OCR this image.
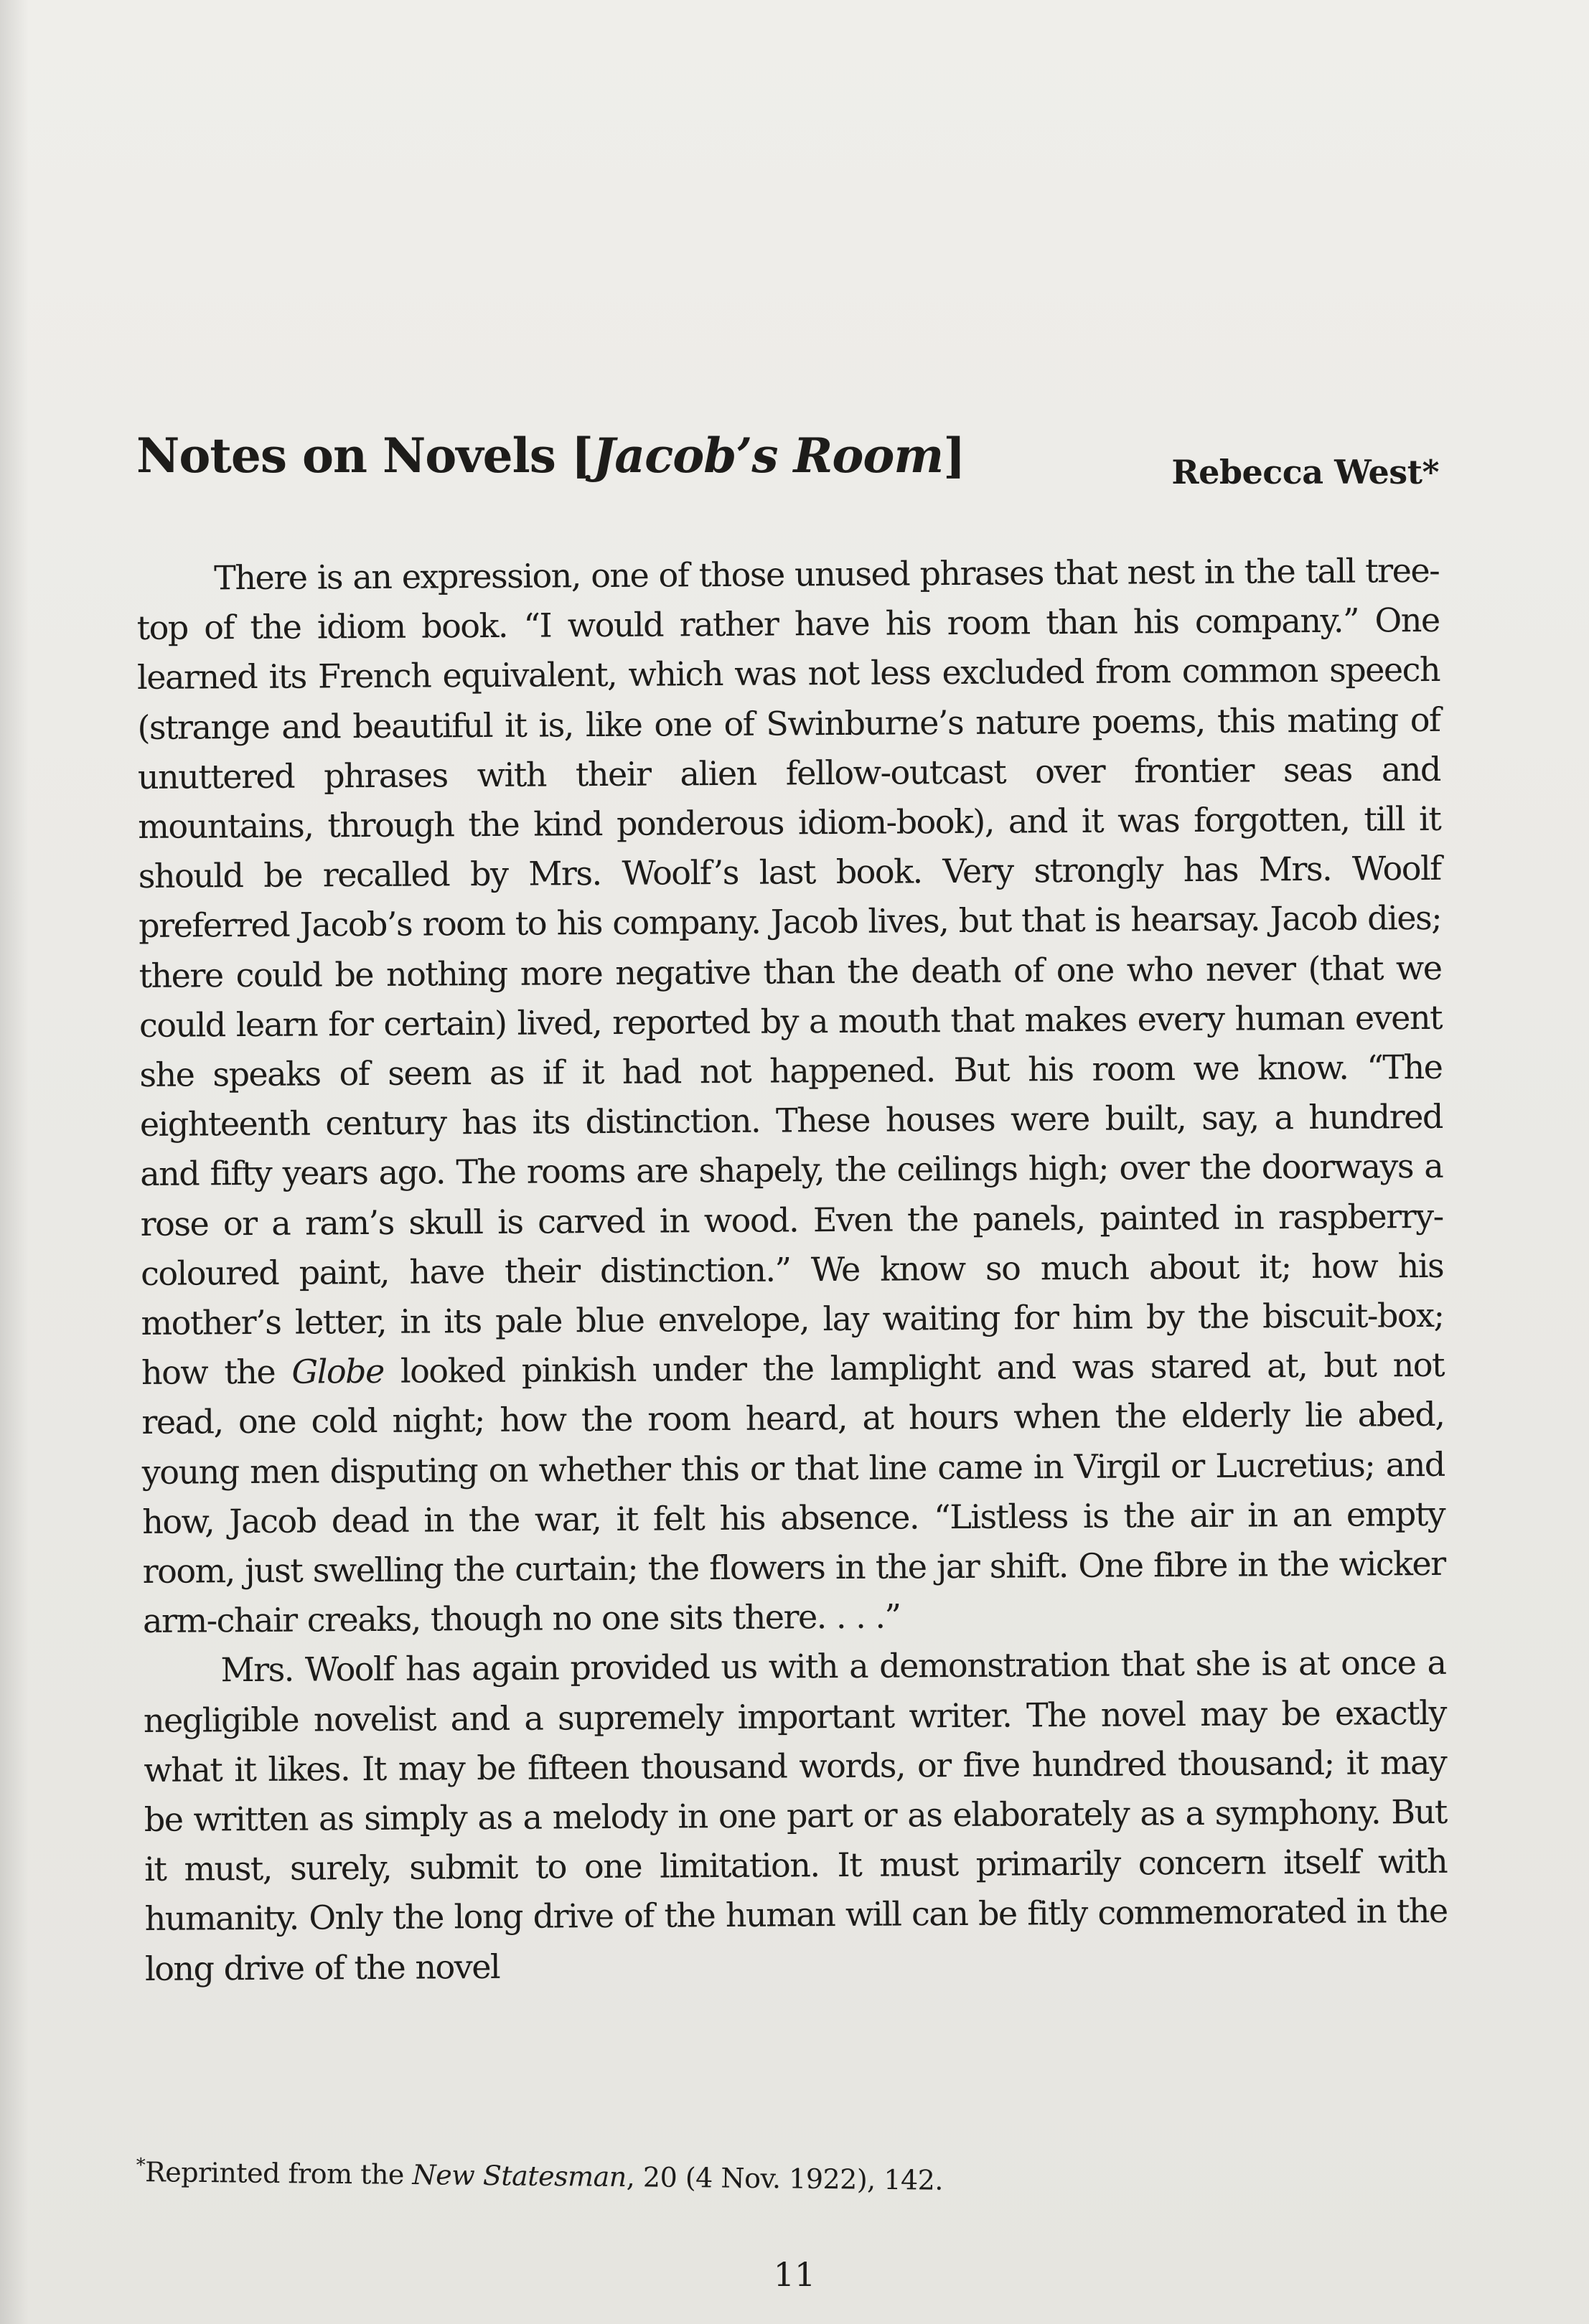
Notes on Novels [Jacob’s Room]	Rebecca West*

There is an expression, one of those unused phrases that nest in the tall tree-top of the idiom book. “I would rather have his room than his company.” One learned its French equivalent, which was not less excluded from common speech (strange and beautiful it is, like one of Swinburne’s nature poems, this mating of unuttered phrases with their alien fellow-outcast over frontier seas and mountains, through the kind ponderous idiom-book), and it was forgotten, till it should be recalled by Mrs. Woolf’s last book. Very strongly has Mrs. Woolf preferred Jacob’s room to his company. Jacob lives, but that is hearsay. Jacob dies; there could be nothing more negative than the death of one who never (that we could learn for certain) lived, reported by a mouth that makes every human event she speaks of seem as if it had not happened. But his room we know. “The eighteenth century has its distinction. These houses were built, say, a hundred and fifty years ago. The rooms are shapely, the ceilings high; over the doorways a rose or a ram’s skull is carved in wood. Even the panels, painted in raspberry-coloured paint, have their distinction.” We know so much about it; how his mother’s letter, in its pale blue envelope, lay waiting for him by the biscuit-box; how the Globe looked pinkish under the lamplight and was stared at, but not read, one cold night; how the room heard, at hours when the elderly lie abed, young men disputing on whether this or that line came in Virgil or Lucretius; and how, Jacob dead in the war, it felt his absence. “Listless is the air in an empty room, just swelling the curtain; the flowers in the jar shift. One fibre in the wicker arm-chair creaks, though no one sits there. . . .”

Mrs. Woolf has again provided us with a demonstration that she is at once a negligible novelist and a supremely important writer. The novel may be exactly what it likes. It may be fifteen thousand words, or five hundred thousand; it may be written as simply as a melody in one part or as elaborately as a symphony. But it must, surely, submit to one limitation. It must primarily concern itself with humanity. Only the long drive of the human will can be fitly commemorated in the long drive of the novel

*Reprinted from the New Statesman, 20 (4 Nov. 1922), 142.
11
